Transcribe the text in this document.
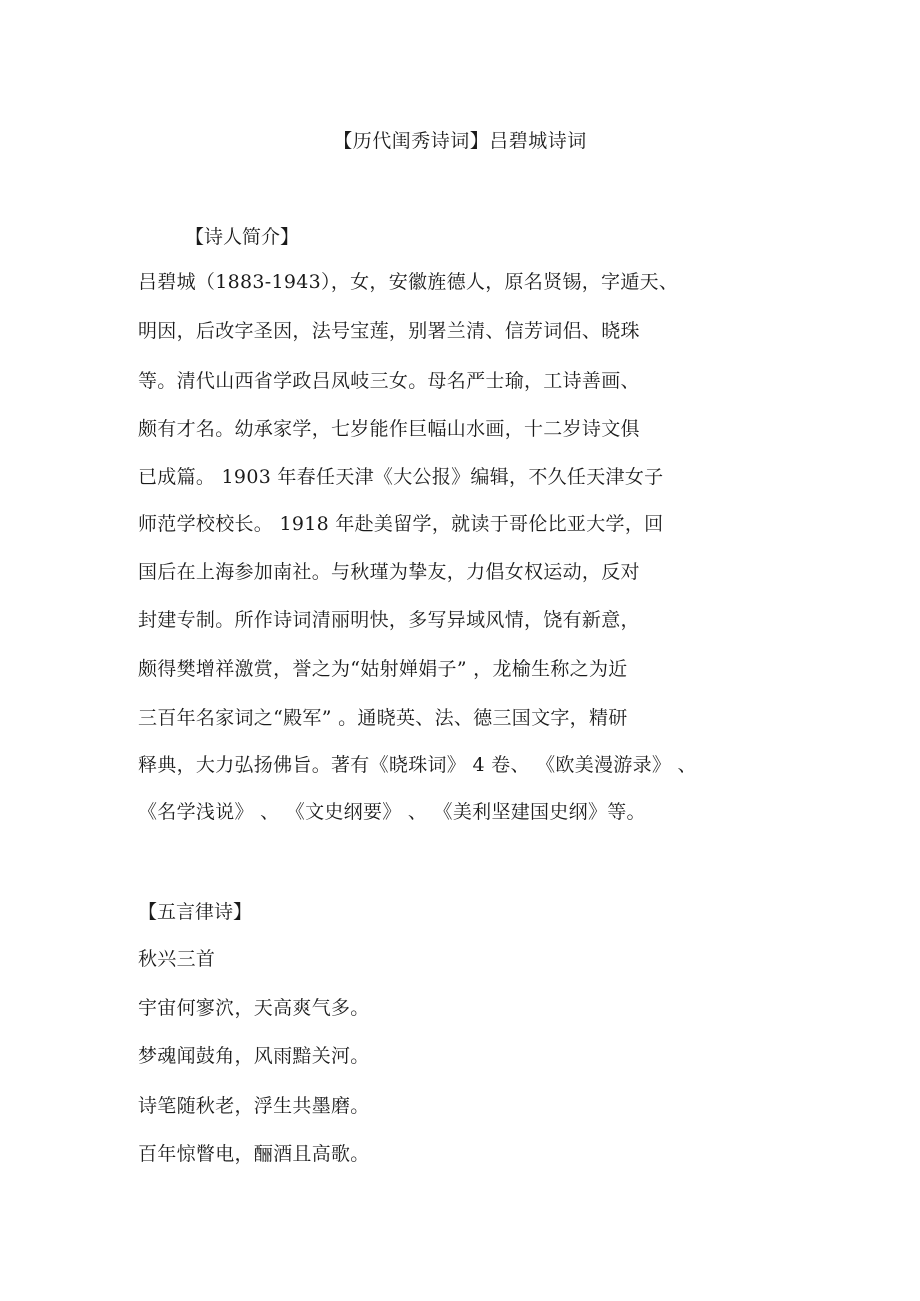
【历代闺秀诗词】吕碧城诗词
【诗人简介】
吕碧城（1883-1943），女，安徽旌德人，原名贤锡，字遁天、
明因，后改字圣因，法号宝莲，别署兰清、信芳词侣、晓珠
等。清代山西省学政吕凤岐三女。母名严士瑜，工诗善画、
颇有才名。幼承家学，七岁能作巨幅山水画，十二岁诗文俱
已成篇。 1903 年春任天津《大公报》编辑，不久任天津女子
师范学校校长。 1918 年赴美留学，就读于哥伦比亚大学，回
国后在上海参加南社。与秋瑾为挚友，力倡女权运动，反对
封建专制。所作诗词清丽明快，多写异域风情，饶有新意，
颇得樊增祥激赏，誉之为“姑射婵娟子” ，龙榆生称之为近
三百年名家词之“殿军” 。通晓英、法、德三国文字，精研
释典，大力弘扬佛旨。著有《晓珠词》 4 卷、 《欧美漫游录》 、
《名学浅说》 、 《文史纲要》 、 《美利坚建国史纲》等。
【五言律诗】
秋兴三首
宇宙何寥泬，天高爽气多。
梦魂闻鼓角，风雨黯关河。
诗笔随秋老，浮生共墨磨。
百年惊瞥电，酾酒且高歌。
